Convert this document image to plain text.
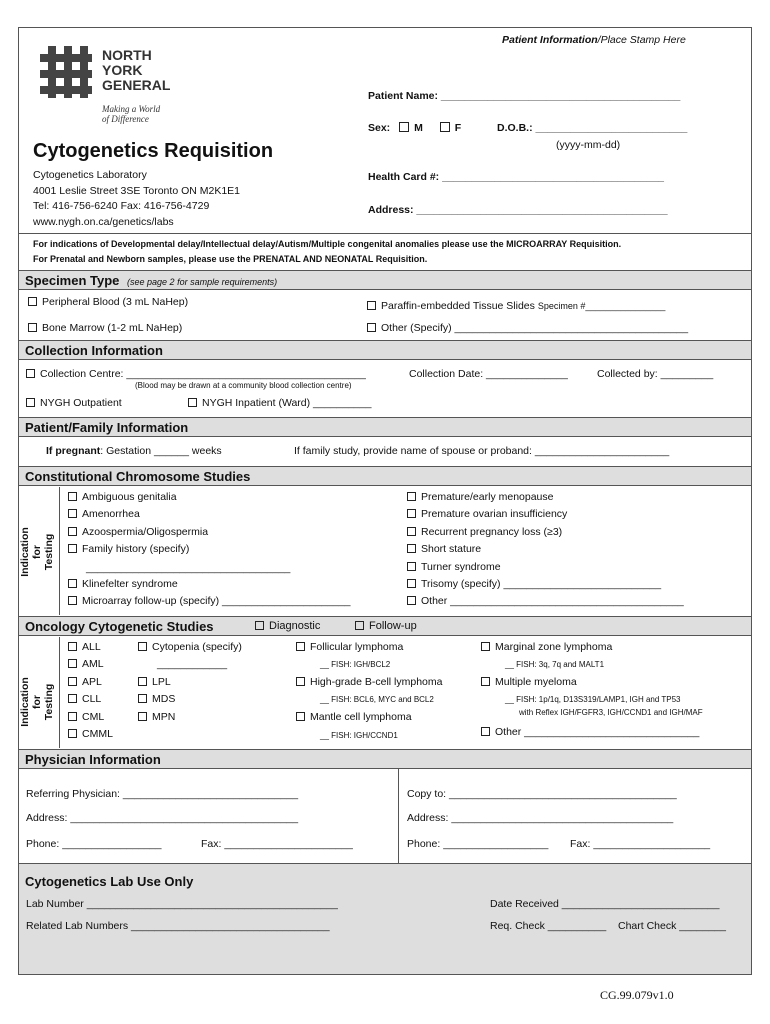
Patient Information/Place Stamp Here
NORTH
YORK
GENERAL
Making a World
of Difference
Cytogenetics Requisition
Cytogenetics Laboratory
4001 Leslie Street 3SE Toronto ON M2K1E1
Tel: 416-756-6240 Fax: 416-756-4729
www.nygh.on.ca/genetics/labs
Patient Name: _________________________________________
Sex: M	F	D.O.B.: __________________________
(yyyy-mm-dd)
Health Card #: ______________________________________
Address: ___________________________________________
For indications of Developmental delay/Intellectual delay/Autism/Multiple congenital anomalies please use the MICROARRAY Requisition.
For Prenatal and Newborn samples, please use the PRENATAL AND NEONATAL Requisition.
Specimen Type (see page 2 for sample requirements)
Peripheral Blood (3 mL NaHep)	Paraffin-embedded Tissue Slides Specimen #________________
Bone Marrow (1-2 mL NaHep)	Other (Specify) ________________________________________
Collection Information
Collection Centre: _________________________________________
(Blood may be drawn at a community blood collection centre)
Collection Date: ______________	Collected by: _________
NYGH Outpatient	NYGH Inpatient (Ward) __________
Patient/Family Information
If pregnant: Gestation ______ weeks	If family study, provide name of spouse or proband: _______________________
Constitutional Chromosome Studies
Indication for Testing
Ambiguous genitalia
Amenorrhea
Azoospermia/Oligospermia
Family history (specify)
___________________________________
Klinefelter syndrome
Microarray follow-up (specify) ______________________
Premature/early menopause
Premature ovarian insufficiency
Recurrent pregnancy loss (≥3)
Short stature
Turner syndrome
Trisomy (specify) ___________________________
Other ________________________________________
Oncology Cytogenetic Studies	Diagnostic	Follow-up
Indication for Testing
ALL
AML
APL
CLL
CML
CMML
Cytopenia (specify)
____________
LPL
MDS
MPN
Follicular lymphoma
__ FISH: IGH/BCL2
High-grade B-cell lymphoma
__ FISH: BCL6, MYC and BCL2
Mantle cell lymphoma
__ FISH: IGH/CCND1
Marginal zone lymphoma
__ FISH: 3q, 7q and MALT1
Multiple myeloma
__ FISH: 1p/1q, D13S319/LAMP1, IGH and TP53
with Reflex IGH/FGFR3, IGH/CCND1 and IGH/MAF
Other ______________________________
Physician Information
Referring Physician: ______________________________
Address: _______________________________________
Phone: _________________	Fax: ______________________
Copy to: _______________________________________
Address: ______________________________________
Phone: __________________ Fax: ____________________
Cytogenetics Lab Use Only
Lab Number ___________________________________________
Related Lab Numbers __________________________________
Date Received ___________________________
Req. Check __________ Chart Check ________
CG.99.079v1.0
